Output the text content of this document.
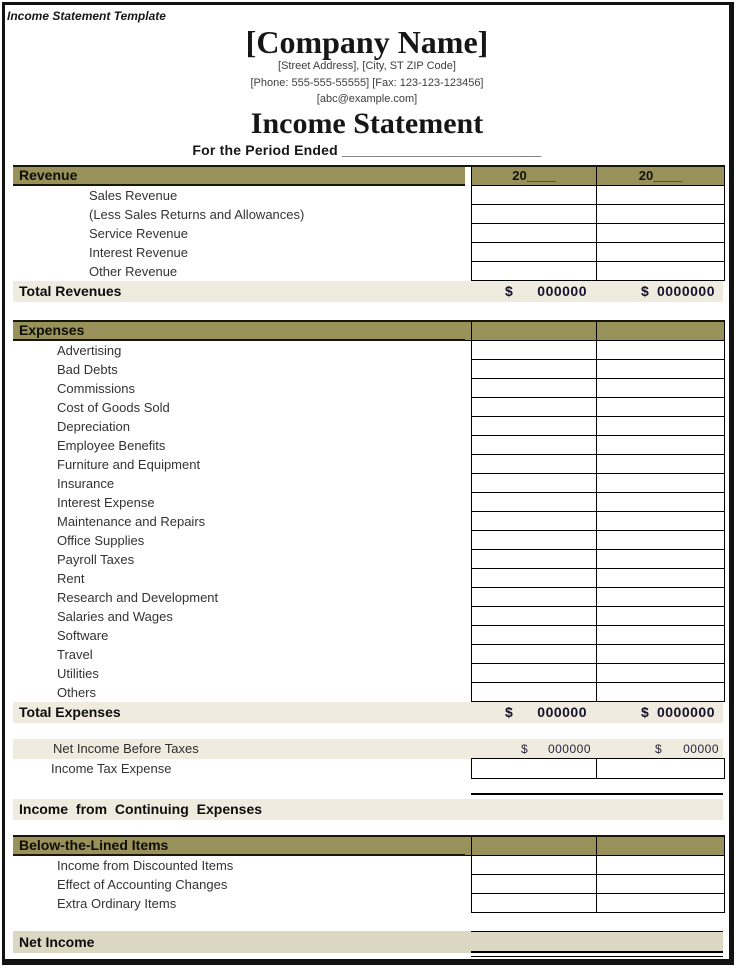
Income Statement Template
[Company Name]
[Street Address], [City, ST ZIP Code]
[Phone: 555-555-55555] [Fax: 123-123-123456]
[abc@example.com]
Income Statement
For the Period Ended _________________________
Revenue	20____	20____
Sales Revenue
(Less Sales Returns and Allowances)
Service Revenue
Interest Revenue
Other Revenue
Total Revenues	$ 000000	$ 0000000
Expenses
Advertising
Bad Debts
Commissions
Cost of Goods Sold
Depreciation
Employee Benefits
Furniture and Equipment
Insurance
Interest Expense
Maintenance and Repairs
Office Supplies
Payroll Taxes
Rent
Research and Development
Salaries and Wages
Software
Travel
Utilities
Others
Total Expenses	$ 000000	$ 0000000
Net Income Before Taxes	$ 000000	$ 00000
Income Tax Expense
Income from Continuing Expenses
Below-the-Lined Items
Income from Discounted Items
Effect of Accounting Changes
Extra Ordinary Items
Net Income
